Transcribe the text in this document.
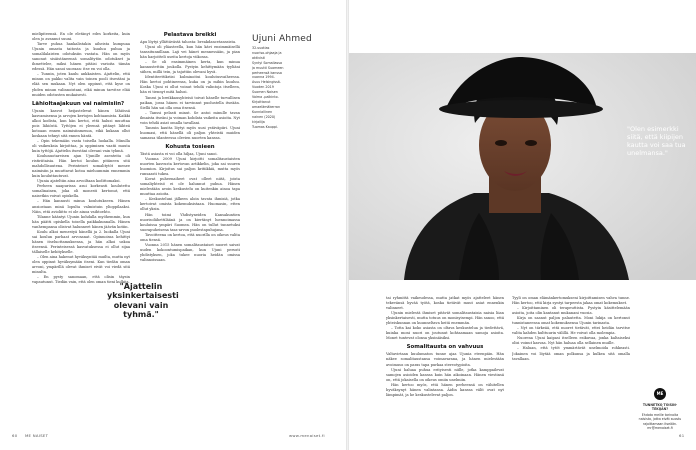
mielipiteensä. En ole eletänyt edes korkeita, kuin olen jo avannut suuni.

Tarve puhua hankalistakin aiheista kumpuaa Ujunin omasta taitosta ja kuuluu puhua ja somalilalaisten odotuksiin vastata. Hän on myös sanonut sisäistäneensä somalitytön odotukset ja ihmettelee, miksi hänen pitäisi varioita tämän edessä. Hän sanoi suoraan: itse en voi olla.

– Tunnin, joten kaulu ankkaisten. Ajattelin, että minun on pakko valita vain toinen pooli itsestäni ja elää sen mukaan. Nyt olen oppinut, että kyse on yhden minun valinnoistani, eikä minun tarvitse elää muiden odotusten mukaisesti.

Lähioltaajakuun vai naimisiin?

Ujunin kasvot heijastelevat hänen lähiössä kasvamisensa ja arvojen kertojen kohtaamista. Kaikki alkoi kodista, kun hän kertoi, että halusi muuttaa pois lähiöstä. Tyttöjen ei yleensä pitänyt lähteä kotoaan ennen naimisiinmenoa, eikä kukaan ollut koskaan tehnyt sitä ennen häntä.

– Opin tekemään vasta toisella luokalla. Minulla oli vaikeuksia kirjoittaa, ja oppiminen vaatii muuta kuin tyttöjä. Ajattelin itsestäni olevani vain tyhmä.

Koulunuotareisen ajan Ujunille asenteita oli ristiriitaisia. Hän kertoi koulun pitäneen sitä mahdollisuutena. Perinteiset somalitytöt menee naimisiin ja muuttavat kotoa mieluummin ennemmin kuin kouluttautuvat.

Ujunia ajateltiin aina arvoiltaan kodittomaksi.

Perheen naapurissa asui korkeasti koulutettu somalinainen, joka oli monesti kertonut, että naisetkin voivat opiskella.

– Hän kannusti minua koulutukseen. Hänen ansiostaan minä lopulta valmistuin ylioppilaaksi. Näin, että avioliitto ei ole ainoa vaihtoehto.

Tilanne kääntyi Ujunin kohdalla myöhemmin, kun hän päätti opiskella toisella paikkakunnalla. Hänen vanhempansa olisivat halunneet hänen jäävän kotiin.

Koulu alkoi menestyä hänellä ja 2. luokalla Ujuni sai koulun parhaat arvosanat. Opinnoissa kehittyi hänen itseluottamuksensa, ja hän alkoi uskoa itseensä. Perinteisessä kasvatuksessa ei ollut sijaa tällaiselle kehitykselle.

– Olen aina hakenut hyväksyntää muilta, mutta nyt olen oppinut hyväksymään itseni. Kun tiedän oman arvoni, ympärillä olevat ihmiset eivät voi viedä sitä minulta.

– En pysty sanomaan, että olisin täysin vapautunut. Tiedän vain, että olen oman tieni kulkija.

"Ajattelin yksinkertaisesti olevani vain tyhmä."
Pelastava breikki

Apu löytyi yllättävästä tahosta: breakdancetanssista.

Ujuni oli yläasteella, kun hän kävi ensimmäisellä tanssitunnillaan. Laji vei hänet mennessään, ja pian hän harjoitteli useita kertoja viikossa.

– Se oli ensimmäinen kerta, kun minua kannustettiin joukolla. Pystyin kehittymään tyyliäni siihen, millä tein, ja tajuttiin olevani hyvä.

Identiteettikriisi kulminoitui koulutusvaiheessa. Hän kertoi pohtineensa, kuka on ja mihin kuuluu. Koska Ujuni ei ollut voinut tehdä valintoja itselleen, hän ei tiennyt mitä halusi.

Tanssi ja breikkausyhteisö toivat hänelle turvallisen paikan, jossa hänen ei tarvinnut puolustella itseään. Siellä hän sai olla oma itsensä.

– Tanssi pelasti minut. Se antoi minulle tavan ilmaista itseäni ja voiman kohdata vaikeita asioita. Nyt voin tehdä asiat omalla tavallani.

Tanssin kautta löytyi myös uusi ystäväpiiri. Ujuni huomasi, että hänellä oli paljon yhteistä muiden samassa tilanteessa olevien nuorten kanssa.

Kohusta tosieen

Tästä asiasta ei voi olla hiljaa, Ujuni sanoi.

Vuonna 2009 Ujuni kirjoitti somalitaustaisten nuorten kasvusta kertovan artikkelin, joka sai suuren huomion. Kirjoitus sai paljon kritiikkiä, mutta myös runsaasti tukea.

Kovat puheenaiheet ovat olleet niitä, joista somaliyhteisö ei ole halunnut puhua. Hänen mielestään avoin keskustelu on kuitenkin ainoa tapa muuttaa asioita.

– Keskusteluni jälkeen aloin tavata ihmisiä, jotka kertoivat omista kokemuksistaan. Huomasin, etten ollut yksin.

Hän toimi Yhdistyneiden Kansakuntien nuorisolähettiläänä ja on kiertänyt luennoimassa kouluissa ympäri Suomea. Hän on tullut tunnetuksi suorapuheisena tasa-arvon puolestapuhujana.

Tavoitteena on kertoa, että nuorilla on oikeus valita oma tiensä.

Vuonna 2015 hänen somalitaustaiset nuoret saivat uuden kokoontumispaikan, kun Ujuni perusti yhdistyksen, joka tukee nuoria heidän omissa valinnoissaan.

Ujuni Ahmed
32-vuotias
nuoriso-ohjaaja ja
aktivisti
Syntyi Somaliassa
ja muutti Suomeen
perheensä kanssa
vuonna 1994.
Asuu Helsingissä.
Vuoden 2019
Suomen Naisen
Voima -palkinto.
Kirjoittanut
omaelämäkerran
Kunniallinen
nainen (2020)
kirjailija
Tuomas Kauppi.
60 ME NAISET	www.menaiset.fi	61
"Olen esimerkki siitä, että kiipijen kautta voi saa tua unelmansa."

tai ryhmittä vaikeudessa, mutta jatkat myös ajatteleet hänen tekevänsä hyvää työtä, koska tietävät muut asiat ennenkin valinneet.

Ujunin mielestä ihmiset pitävät somalitaustaisia naisia liian yksinkertaisesti, mutta totuus on monisyisempi. Hän sanoo, että yhteiskunnan on kuunneltava heitä enemmän.

– Totta kai koko asiasta on oltava keskustelua ja tiedettävä, kuinka moni nuori on joutunut kohtaamaan samoja asioita. Monet tuntevat olonsa yksinäisiksi.

Somalitausta on vahvuus

Valtavirtaan kuulumaton tunne ajaa Ujunia eteenpäin. Hän näkee somalitaustansa voimavarana, ja hänen mielestään avoimuus on paras tapa purkaa stereotypioita.

Ujuni haluaa puhua erityisesti niille, jotka kamppailevat samojen asioiden kanssa kuin hän aikoinaan. Hänen viestinsä on, että jokaisella on oikeus omiin unelmiin.

Hän kertoo myös, että hänen perheensä on vähitellen hyväksynyt hänen valintansa. Äidin kanssa välit ovat nyt lämpimät, ja he keskustelevat paljon.

Tyyli on oman elämänkertomukseni kirjoittamisen vahva tunne. Hän kertoo, että kirja syntyi tarpeesta jakaa omat kokemukset.

– Kirjoittaminen oli terapeuttista. Pystyin käsittelemään asioita, joita olin kantanut mukanani vuosia.

Kirja on saanut paljon palautetta. Moni lukija on kertonut tunnistaneensa omat kokemuksensa Ujunin tarinasta.

– Nyt on tärkeää, että nuoret tietävät, ettei heidän tarvitse valita kahden kulttuurin välillä. He voivat olla molempia.

Nuorena Ujuni kaipasi itselleen esikuvaa, jonka kaltaiseksi olisi voinut kasvaa. Nyt hän haluaa olla sellainen muille.

– Haluan, että tytöt ymmärtävät unelmoida rohkeasti. Jokainen voi löytää oman polkunsa ja kulkea sitä omalla tavallaan.

ME
TUNNETKO TOISIN-TEKIJÄN?
Ehdota meille tarinoita naisista, jotka eivät suostu rajoittamaan itseään. mr@menaiset.fi
